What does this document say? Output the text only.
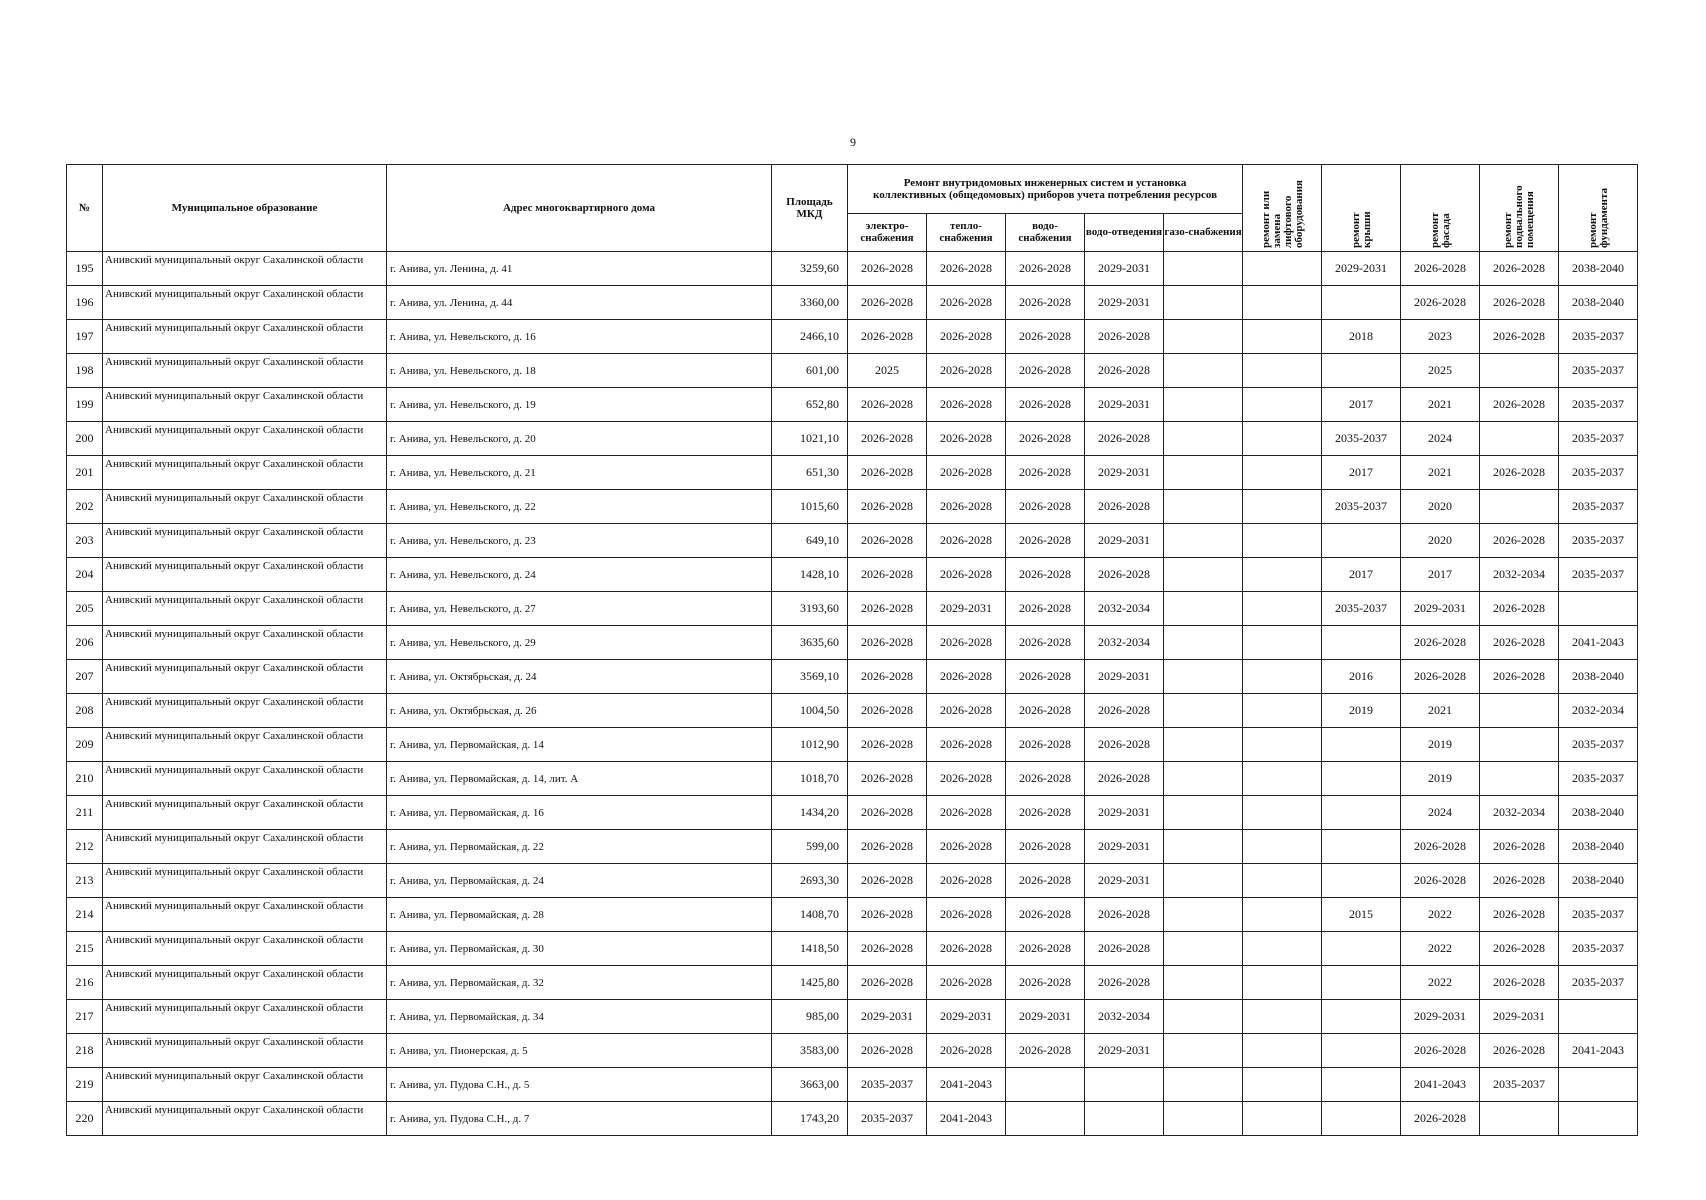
9
№	Муниципальное образование	Адрес многоквартирного дома	Площадь МКД	Ремонт внутридомовых инженерных систем и установка коллективных (общедомовых) приборов учета потребления ресурсов					ремонт или
замена
лифтового
оборудования	ремонт
крыши	ремонт
фасада	ремонт
подвального
помещения	ремонт
фундамента

				электро-снабжения	тепло-снабжения	водо-снабжения	водо-отведения	газо-снабжения					
195	Анивский муниципальный округ Сахалинской области	г. Анива, ул. Ленина, д. 41	3259,60	2026-2028	2026-2028	2026-2028	2029-2031			2029-2031	2026-2028	2026-2028	2038-2040
196	Анивский муниципальный округ Сахалинской области	г. Анива, ул. Ленина, д. 44	3360,00	2026-2028	2026-2028	2026-2028	2029-2031				2026-2028	2026-2028	2038-2040
197	Анивский муниципальный округ Сахалинской области	г. Анива, ул. Невельского, д. 16	2466,10	2026-2028	2026-2028	2026-2028	2026-2028			2018	2023	2026-2028	2035-2037
198	Анивский муниципальный округ Сахалинской области	г. Анива, ул. Невельского, д. 18	601,00	2025	2026-2028	2026-2028	2026-2028				2025		2035-2037
199	Анивский муниципальный округ Сахалинской области	г. Анива, ул. Невельского, д. 19	652,80	2026-2028	2026-2028	2026-2028	2029-2031			2017	2021	2026-2028	2035-2037
200	Анивский муниципальный округ Сахалинской области	г. Анива, ул. Невельского, д. 20	1021,10	2026-2028	2026-2028	2026-2028	2026-2028			2035-2037	2024		2035-2037
201	Анивский муниципальный округ Сахалинской области	г. Анива, ул. Невельского, д. 21	651,30	2026-2028	2026-2028	2026-2028	2029-2031			2017	2021	2026-2028	2035-2037
202	Анивский муниципальный округ Сахалинской области	г. Анива, ул. Невельского, д. 22	1015,60	2026-2028	2026-2028	2026-2028	2026-2028			2035-2037	2020		2035-2037
203	Анивский муниципальный округ Сахалинской области	г. Анива, ул. Невельского, д. 23	649,10	2026-2028	2026-2028	2026-2028	2029-2031				2020	2026-2028	2035-2037
204	Анивский муниципальный округ Сахалинской области	г. Анива, ул. Невельского, д. 24	1428,10	2026-2028	2026-2028	2026-2028	2026-2028			2017	2017	2032-2034	2035-2037
205	Анивский муниципальный округ Сахалинской области	г. Анива, ул. Невельского, д. 27	3193,60	2026-2028	2029-2031	2026-2028	2032-2034			2035-2037	2029-2031	2026-2028	
206	Анивский муниципальный округ Сахалинской области	г. Анива, ул. Невельского, д. 29	3635,60	2026-2028	2026-2028	2026-2028	2032-2034				2026-2028	2026-2028	2041-2043
207	Анивский муниципальный округ Сахалинской области	г. Анива, ул. Октябрьская, д. 24	3569,10	2026-2028	2026-2028	2026-2028	2029-2031			2016	2026-2028	2026-2028	2038-2040
208	Анивский муниципальный округ Сахалинской области	г. Анива, ул. Октябрьская, д. 26	1004,50	2026-2028	2026-2028	2026-2028	2026-2028			2019	2021		2032-2034
209	Анивский муниципальный округ Сахалинской области	г. Анива, ул. Первомайская, д. 14	1012,90	2026-2028	2026-2028	2026-2028	2026-2028				2019		2035-2037
210	Анивский муниципальный округ Сахалинской области	г. Анива, ул. Первомайская, д. 14, лит. А	1018,70	2026-2028	2026-2028	2026-2028	2026-2028				2019		2035-2037
211	Анивский муниципальный округ Сахалинской области	г. Анива, ул. Первомайская, д. 16	1434,20	2026-2028	2026-2028	2026-2028	2029-2031				2024	2032-2034	2038-2040
212	Анивский муниципальный округ Сахалинской области	г. Анива, ул. Первомайская, д. 22	599,00	2026-2028	2026-2028	2026-2028	2029-2031				2026-2028	2026-2028	2038-2040
213	Анивский муниципальный округ Сахалинской области	г. Анива, ул. Первомайская, д. 24	2693,30	2026-2028	2026-2028	2026-2028	2029-2031				2026-2028	2026-2028	2038-2040
214	Анивский муниципальный округ Сахалинской области	г. Анива, ул. Первомайская, д. 28	1408,70	2026-2028	2026-2028	2026-2028	2026-2028			2015	2022	2026-2028	2035-2037
215	Анивский муниципальный округ Сахалинской области	г. Анива, ул. Первомайская, д. 30	1418,50	2026-2028	2026-2028	2026-2028	2026-2028				2022	2026-2028	2035-2037
216	Анивский муниципальный округ Сахалинской области	г. Анива, ул. Первомайская, д. 32	1425,80	2026-2028	2026-2028	2026-2028	2026-2028				2022	2026-2028	2035-2037
217	Анивский муниципальный округ Сахалинской области	г. Анива, ул. Первомайская, д. 34	985,00	2029-2031	2029-2031	2029-2031	2032-2034				2029-2031	2029-2031	
218	Анивский муниципальный округ Сахалинской области	г. Анива, ул. Пионерская, д. 5	3583,00	2026-2028	2026-2028	2026-2028	2029-2031				2026-2028	2026-2028	2041-2043
219	Анивский муниципальный округ Сахалинской области	г. Анива, ул. Пудова С.Н., д. 5	3663,00	2035-2037	2041-2043						2041-2043	2035-2037	
220	Анивский муниципальный округ Сахалинской области	г. Анива, ул. Пудова С.Н., д. 7	1743,20	2035-2037	2041-2043						2026-2028		
